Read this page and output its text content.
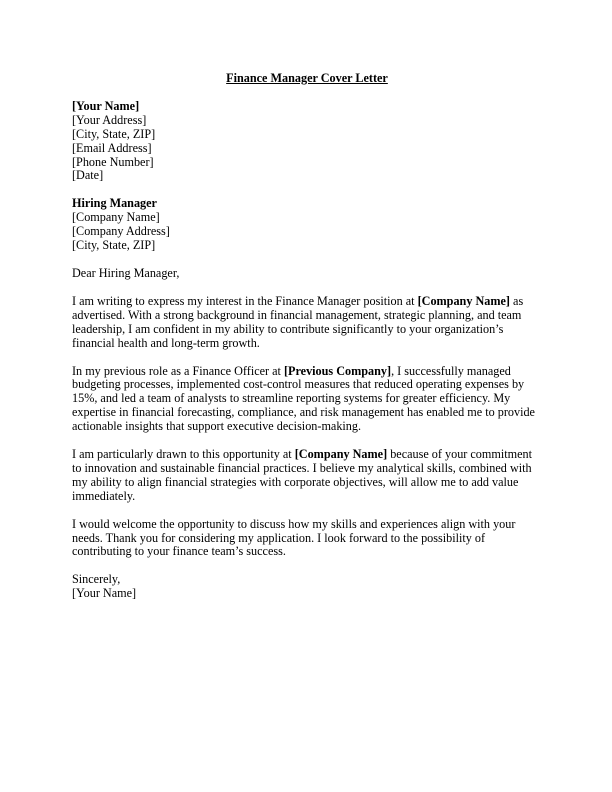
Finance Manager Cover Letter
[Your Name]
[Your Address]
[City, State, ZIP]
[Email Address]
[Phone Number]
[Date]
Hiring Manager
[Company Name]
[Company Address]
[City, State, ZIP]

Dear Hiring Manager,

I am writing to express my interest in the Finance Manager position at [Company Name] as advertised. With a strong background in financial management, strategic planning, and team leadership, I am confident in my ability to contribute significantly to your organization’s financial health and long-term growth.

In my previous role as a Finance Officer at [Previous Company], I successfully managed budgeting processes, implemented cost-control measures that reduced operating expenses by 15%, and led a team of analysts to streamline reporting systems for greater efficiency. My expertise in financial forecasting, compliance, and risk management has enabled me to provide actionable insights that support executive decision-making.

I am particularly drawn to this opportunity at [Company Name] because of your commitment to innovation and sustainable financial practices. I believe my analytical skills, combined with my ability to align financial strategies with corporate objectives, will allow me to add value immediately.

I would welcome the opportunity to discuss how my skills and experiences align with your needs. Thank you for considering my application. I look forward to the possibility of contributing to your finance team’s success.

Sincerely,
[Your Name]
